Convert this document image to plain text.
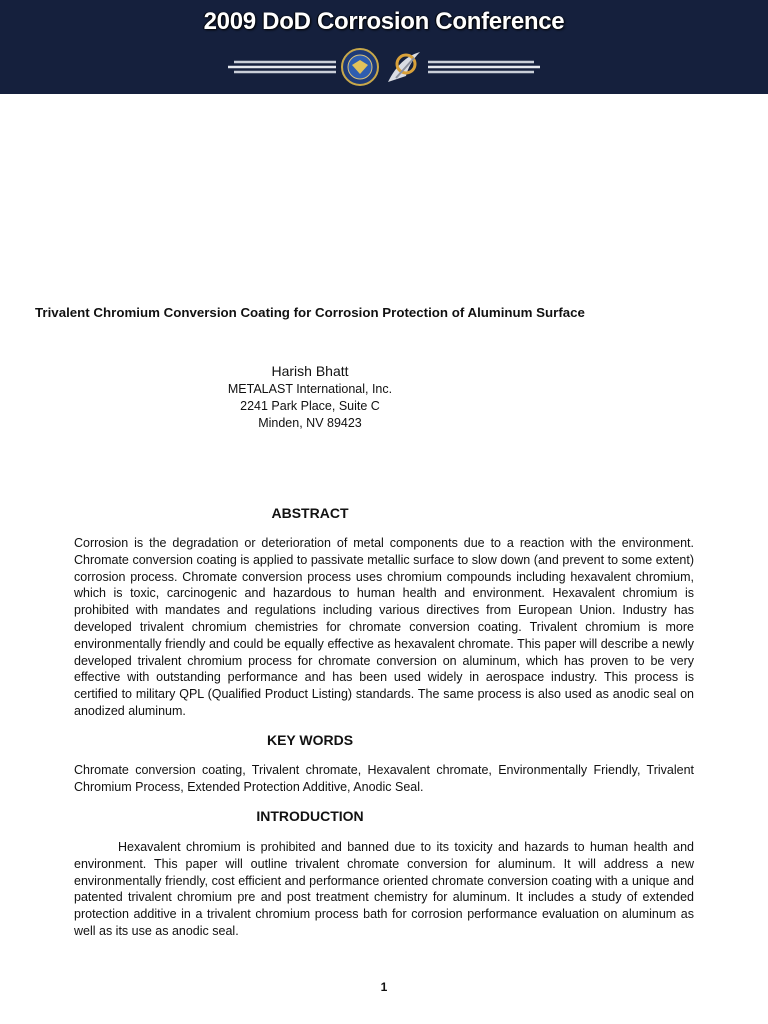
2009 DoD Corrosion Conference
Trivalent Chromium Conversion Coating for Corrosion Protection of Aluminum Surface
Harish Bhatt
METALAST International, Inc.
2241 Park Place, Suite C
Minden, NV 89423
ABSTRACT

Corrosion is the degradation or deterioration of metal components due to a reaction with the environment. Chromate conversion coating is applied to passivate metallic surface to slow down (and prevent to some extent) corrosion process. Chromate conversion process uses chromium compounds including hexavalent chromium, which is toxic, carcinogenic and hazardous to human health and environment. Hexavalent chromium is prohibited with mandates and regulations including various directives from European Union. Industry has developed trivalent chromium chemistries for chromate conversion coating. Trivalent chromium is more environmentally friendly and could be equally effective as hexavalent chromate. This paper will describe a newly developed trivalent chromium process for chromate conversion on aluminum, which has proven to be very effective with outstanding performance and has been used widely in aerospace industry. This process is certified to military QPL (Qualified Product Listing) standards. The same process is also used as anodic seal on anodized aluminum.

KEY WORDS

Chromate conversion coating, Trivalent chromate, Hexavalent chromate, Environmentally Friendly, Trivalent Chromium Process, Extended Protection Additive, Anodic Seal.

INTRODUCTION

Hexavalent chromium is prohibited and banned due to its toxicity and hazards to human health and environment. This paper will outline trivalent chromate conversion for aluminum. It will address a new environmentally friendly, cost efficient and performance oriented chromate conversion coating with a unique and patented trivalent chromium pre and post treatment chemistry for aluminum. It includes a study of extended protection additive in a trivalent chromium process bath for corrosion performance evaluation on aluminum as well as its use as anodic seal.

1
